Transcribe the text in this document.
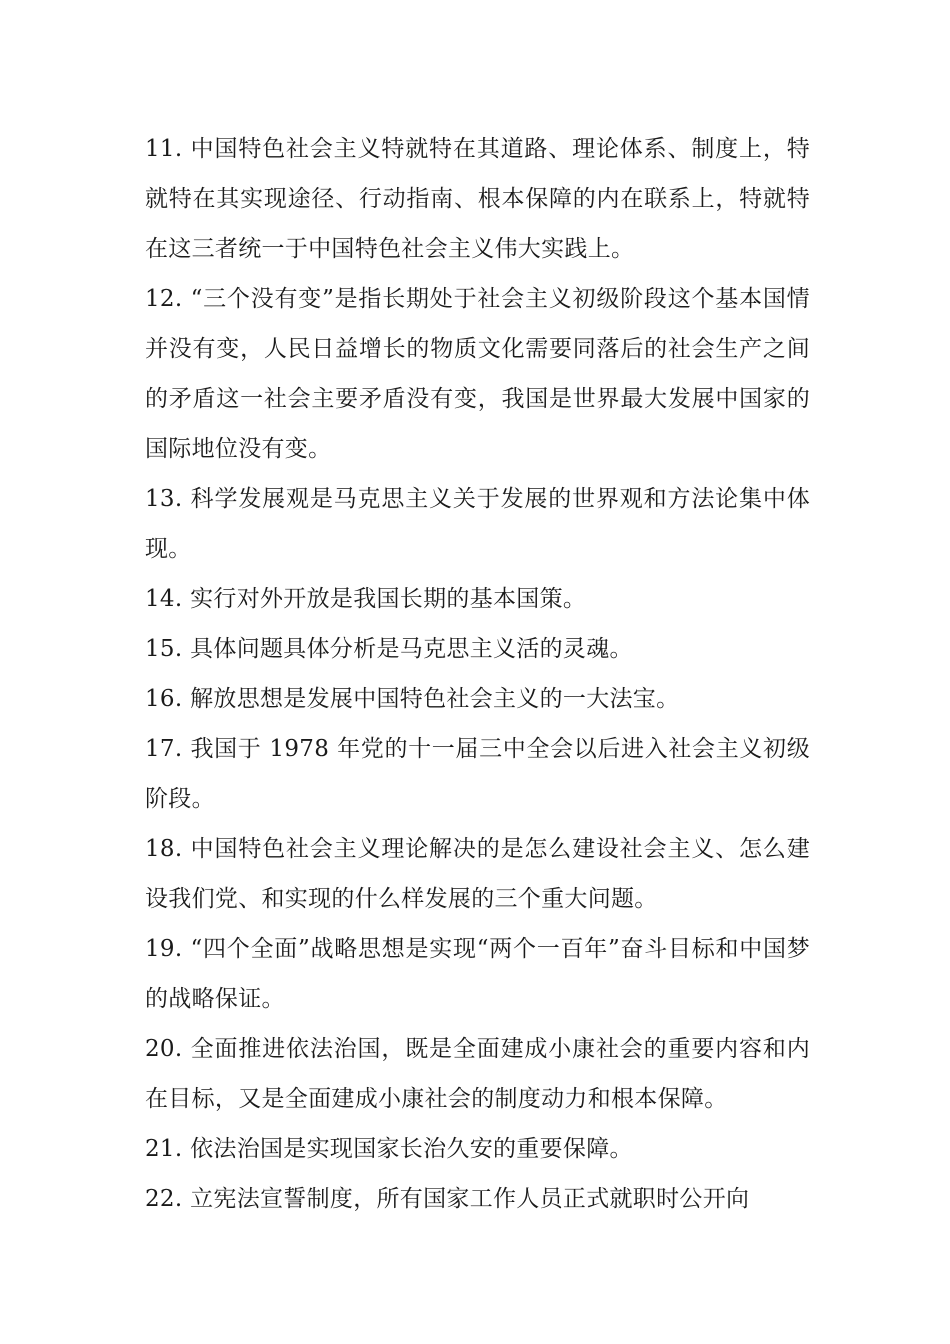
11. 中国特色社会主义特就特在其道路、理论体系、制度上，特就特在其实现途径、行动指南、根本保障的内在联系上，特就特在这三者统一于中国特色社会主义伟大实践上。

12. “三个没有变”是指长期处于社会主义初级阶段这个基本国情并没有变，人民日益增长的物质文化需要同落后的社会生产之间的矛盾这一社会主要矛盾没有变，我国是世界最大发展中国家的国际地位没有变。

13. 科学发展观是马克思主义关于发展的世界观和方法论集中体现。

14. 实行对外开放是我国长期的基本国策。

15. 具体问题具体分析是马克思主义活的灵魂。

16. 解放思想是发展中国特色社会主义的一大法宝。

17. 我国于 1978 年党的十一届三中全会以后进入社会主义初级阶段。

18. 中国特色社会主义理论解决的是怎么建设社会主义、怎么建设我们党、和实现的什么样发展的三个重大问题。

19. “四个全面”战略思想是实现“两个一百年”奋斗目标和中国梦的战略保证。

20. 全面推进依法治国，既是全面建成小康社会的重要内容和内在目标，又是全面建成小康社会的制度动力和根本保障。

21. 依法治国是实现国家长治久安的重要保障。

22. 立宪法宣誓制度，所有国家工作人员正式就职时公开向
